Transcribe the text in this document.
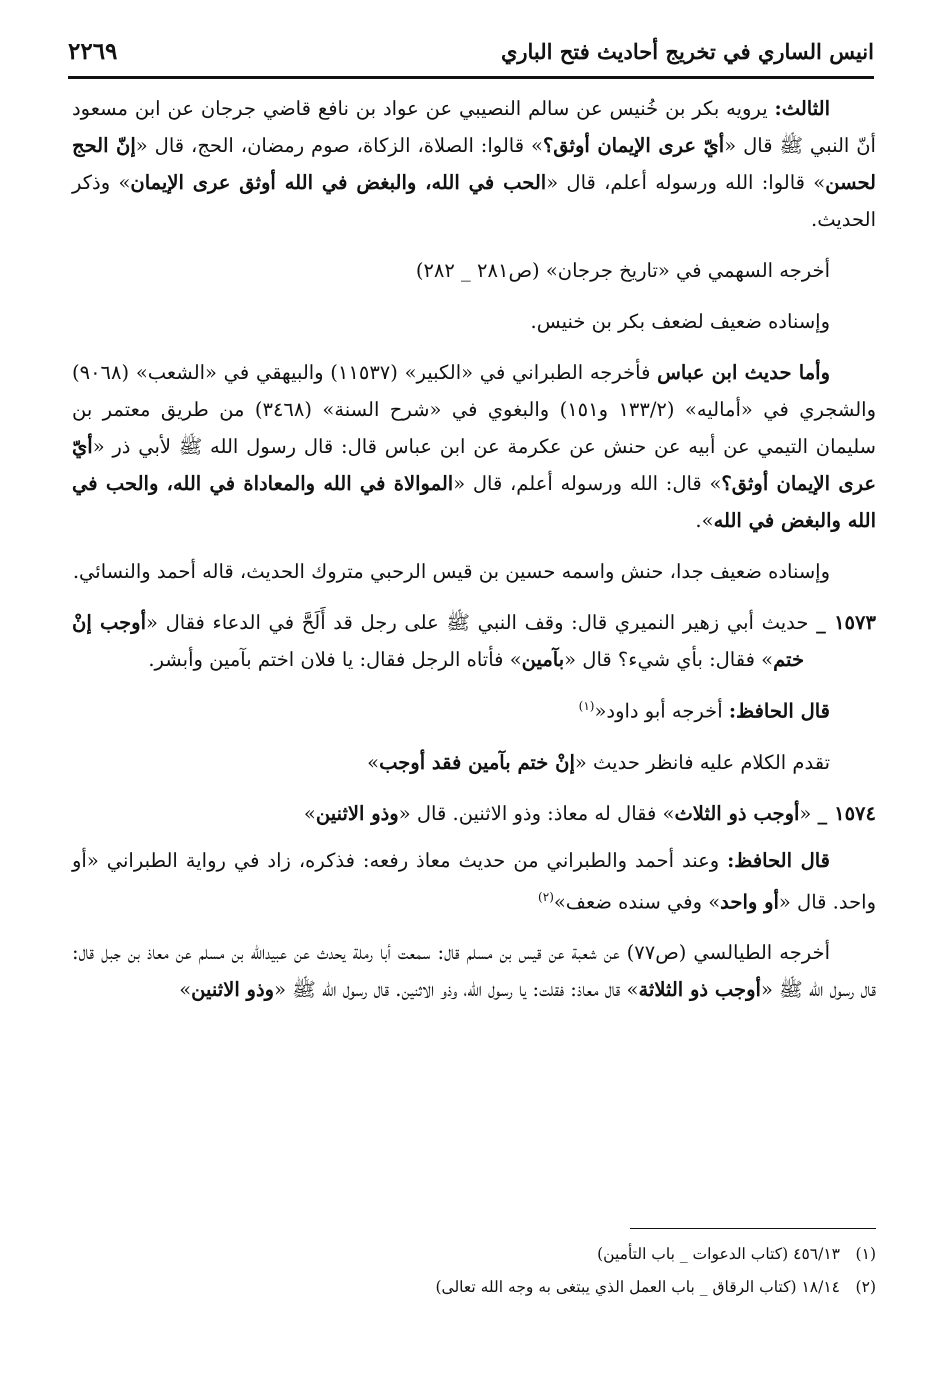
انيس الساري في تخريج أحاديث فتح الباري
٢٢٦٩

الثالث: يرويه بكر بن خُنيس عن سالم النصيبي عن عواد بن نافع قاضي جرجان عن ابن مسعود أنّ النبي ﷺ قال «أيّ عرى الإيمان أوثق؟» قالوا: الصلاة، الزكاة، صوم رمضان، الحج، قال «إنّ الحج لحسن» قالوا: الله ورسوله أعلم، قال «الحب في الله، والبغض في الله أوثق عرى الإيمان» وذكر الحديث.

أخرجه السهمي في «تاريخ جرجان» (ص٢٨١ _ ٢٨٢)

وإسناده ضعيف لضعف بكر بن خنيس.

وأما حديث ابن عباس فأخرجه الطبراني في «الكبير» (١١٥٣٧) والبيهقي في «الشعب» (٩٠٦٨) والشجري في «أماليه» (١٣٣/٢ و١٥١) والبغوي في «شرح السنة» (٣٤٦٨) من طريق معتمر بن سليمان التيمي عن أبيه عن حنش عن عكرمة عن ابن عباس قال: قال رسول الله ﷺ لأبي ذر «أيّ عرى الإيمان أوثق؟» قال: الله ورسوله أعلم، قال «الموالاة في الله والمعاداة في الله، والحب في الله والبغض في الله».

وإسناده ضعيف جدا، حنش واسمه حسين بن قيس الرحبي متروك الحديث، قاله أحمد والنسائي.

١٥٧٣ _ حديث أبي زهير النميري قال: وقف النبي ﷺ على رجل قد أَلَحَّ في الدعاء فقال «أوجب إنْ ختم» فقال: بأي شيء؟ قال «بآمين» فأتاه الرجل فقال: يا فلان اختم بآمين وأبشر.

قال الحافظ: أخرجه أبو داود«$^{(١)}$

تقدم الكلام عليه فانظر حديث «إنْ ختم بآمين فقد أوجب»

١٥٧٤ _ «أوجب ذو الثلاث» فقال له معاذ: وذو الاثنين. قال «وذو الاثنين»

قال الحافظ: وعند أحمد والطبراني من حديث معاذ رفعه: فذكره، زاد في رواية الطبراني «أو واحد. قال «أو واحد» وفي سنده ضعف»$^{(٢)}$

أخرجه الطيالسي (ص٧٧) عن شعبة عن قيس بن مسلم قال: سمعت أبا رملة يحدث عن عبيدالله بن مسلم عن معاذ بن جبل قال: قال رسول الله ﷺ «أوجب ذو الثلاثة» قال معاذ: فقلت: يا رسول الله، وذو الاثنين. قال رسول الله ﷺ «وذو الاثنين»

(١)٤٥٦/١٣ (كتاب الدعوات _ باب التأمين)

(٢)١٨/١٤ (كتاب الرقاق _ باب العمل الذي يبتغى به وجه الله تعالى)
